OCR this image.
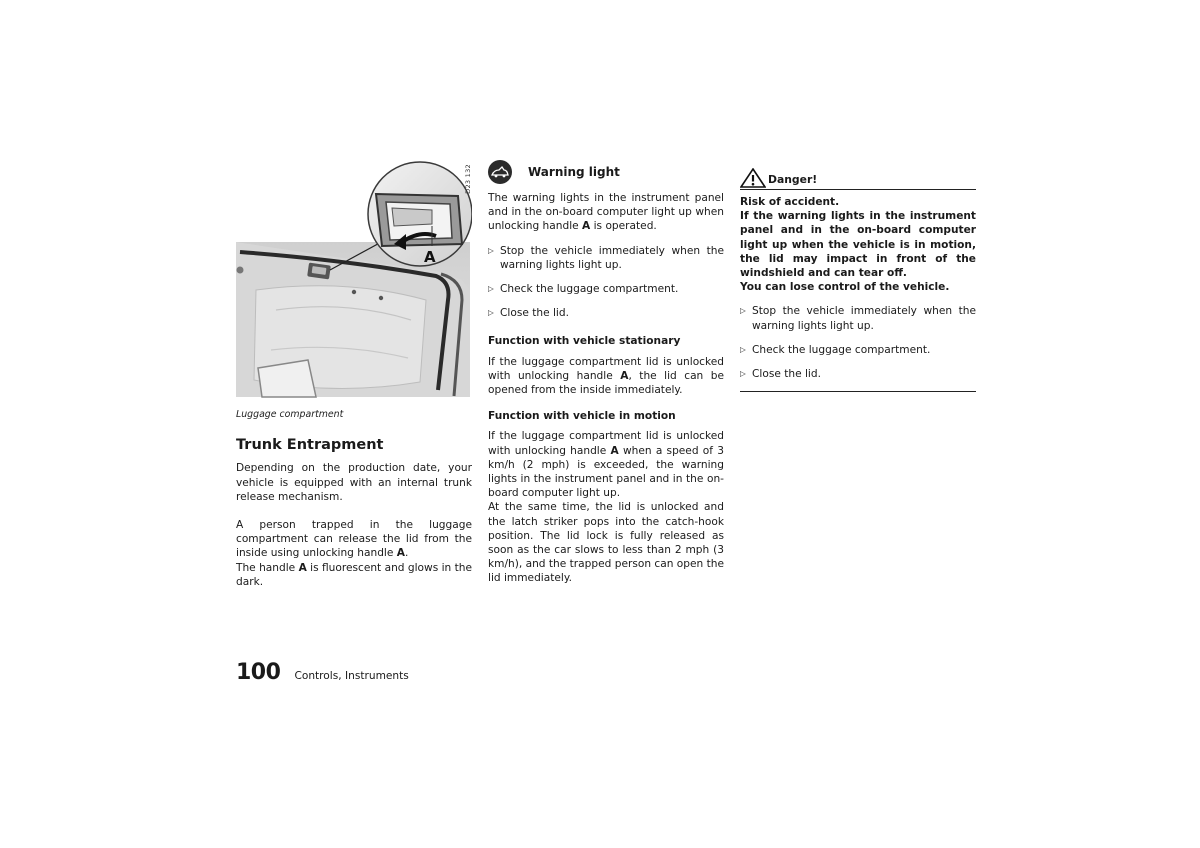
A
D23 132
Luggage compartment
Trunk Entrapment

Depending on the production date, your vehicle is equipped with an internal trunk release mechanism.

A person trapped in the luggage compartment can release the lid from the inside using unlocking handle A.

The handle A is fluorescent and glows in the dark.

Warning light

The warning lights in the instrument panel and in the on-board computer light up when unlocking handle A is operated.

▷ Stop the vehicle immediately when the warning lights light up.
▷ Check the luggage compartment.
▷ Close the lid.
Function with vehicle stationary

If the luggage compartment lid is unlocked with unlocking handle A, the lid can be opened from the inside immediately.

Function with vehicle in motion

If the luggage compartment lid is unlocked with unlocking handle A when a speed of 3 km/h (2 mph) is exceeded, the warning lights in the instrument panel and in the on-board computer light up.

At the same time, the lid is unlocked and the latch striker pops into the catch-hook position. The lid lock is fully released as soon as the car slows to less than 2 mph (3 km/h), and the trapped person can open the lid immediately.

Danger!

Risk of accident.

If the warning lights in the instrument panel and in the on-board computer light up when the vehicle is in motion, the lid may impact in front of the windshield and can tear off.

You can lose control of the vehicle.

▷ Stop the vehicle immediately when the warning lights light up.
▷ Check the luggage compartment.
▷ Close the lid.
100 Controls, Instruments
